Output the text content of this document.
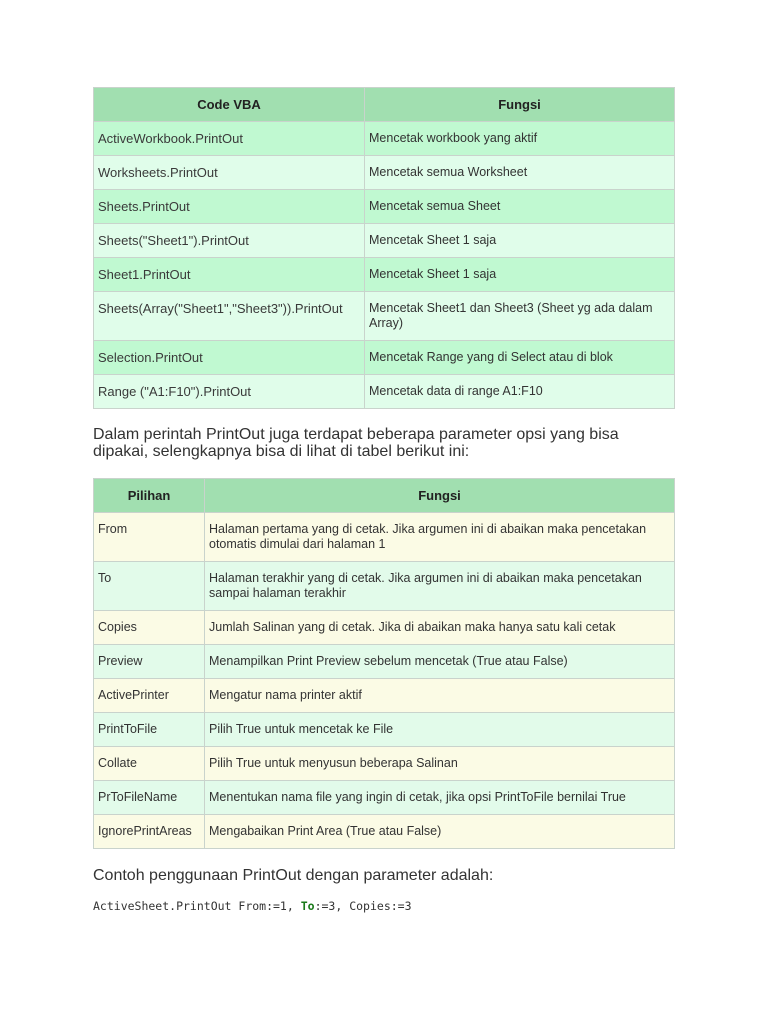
Code VBA	Fungsi
ActiveWorkbook.PrintOut	Mencetak workbook yang aktif
Worksheets.PrintOut	Mencetak semua Worksheet
Sheets.PrintOut	Mencetak semua Sheet
Sheets("Sheet1").PrintOut	Mencetak Sheet 1 saja
Sheet1.PrintOut	Mencetak Sheet 1 saja
Sheets(Array("Sheet1","Sheet3")).PrintOut	Mencetak Sheet1 dan Sheet3 (Sheet yg ada dalam Array)
Selection.PrintOut	Mencetak Range yang di Select atau di blok
Range ("A1:F10").PrintOut	Mencetak data di range A1:F10

Dalam perintah PrintOut juga terdapat beberapa parameter opsi yang bisa dipakai, selengkapnya bisa di lihat di tabel berikut ini:

Pilihan	Fungsi
From	Halaman pertama yang di cetak. Jika argumen ini di abaikan maka pencetakan otomatis dimulai dari halaman 1
To	Halaman terakhir yang di cetak. Jika argumen ini di abaikan maka pencetakan sampai halaman terakhir
Copies	Jumlah Salinan yang di cetak. Jika di abaikan maka hanya satu kali cetak
Preview	Menampilkan Print Preview sebelum mencetak (True atau False)
ActivePrinter	Mengatur nama printer aktif
PrintToFile	Pilih True untuk mencetak ke File
Collate	Pilih True untuk menyusun beberapa Salinan
PrToFileName	Menentukan nama file yang ingin di cetak, jika opsi PrintToFile bernilai True
IgnorePrintAreas	Mengabaikan Print Area (True atau False)

Contoh penggunaan PrintOut dengan parameter adalah:

ActiveSheet.PrintOut From:=1, To:=3, Copies:=3
